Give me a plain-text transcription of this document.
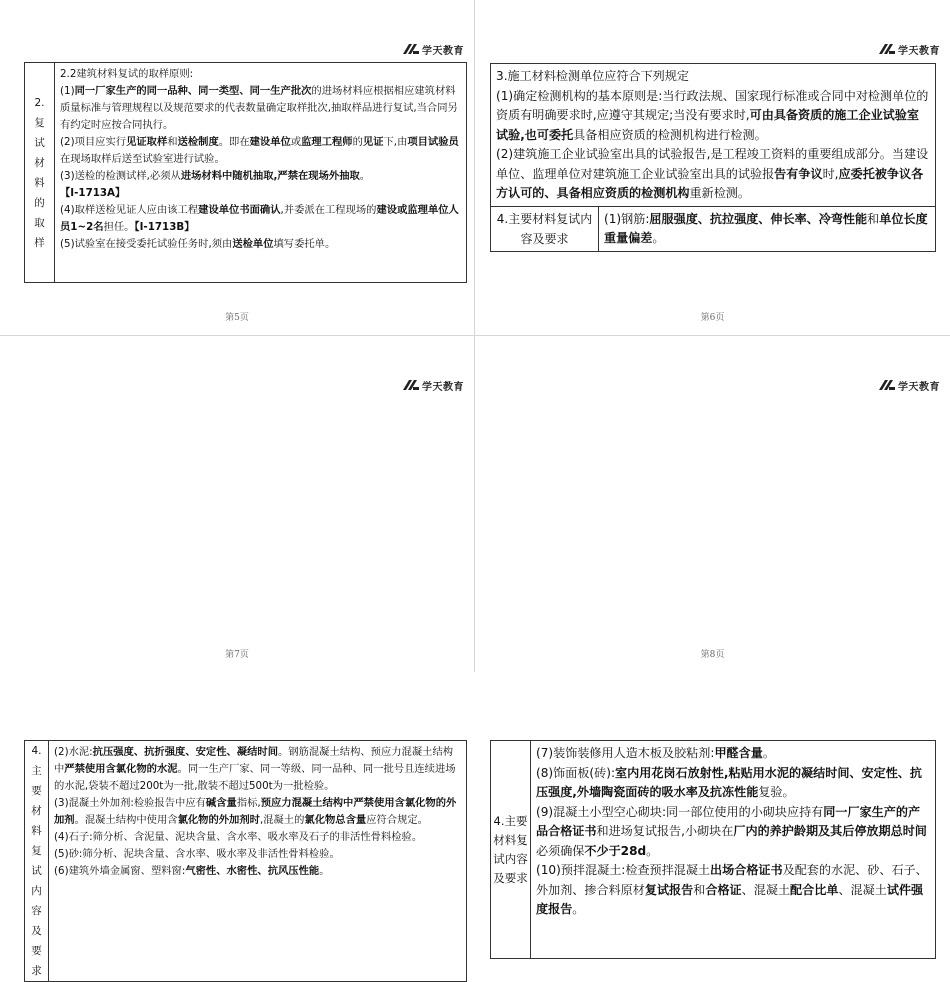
学天教育
2.复试材料的取样

2.2建筑材料复试的取样原则:
(1)同一厂家生产的同一品种、同一类型、同一生产批次的进场材料应根据相应建筑材料质量标准与管理规程以及规范要求的代表数量确定取样批次,抽取样品进行复试,当合同另有约定时应按合同执行。
(2)项目应实行见证取样和送检制度。即在建设单位或监理工程师的见证下,由项目试验员在现场取样后送至试验室进行试验。
(3)送检的检测试样,必须从进场材料中随机抽取,严禁在现场外抽取。
【Ⅰ-1713A】
(4)取样送检见证人应由该工程建设单位书面确认,并委派在工程现场的建设或监理单位人员1~2名担任。【Ⅰ-1713B】
(5)试验室在接受委托试验任务时,须由送检单位填写委托单。
第5页
学天教育
3.施工材料检测单位应符合下列规定
(1)确定检测机构的基本原则是:当行政法规、国家现行标准或合同中对检测单位的资质有明确要求时,应遵守其规定;当没有要求时,可由具备资质的施工企业试验室试验,也可委托具备相应资质的检测机构进行检测。
(2)建筑施工企业试验室出具的试验报告,是工程竣工资料的重要组成部分。当建设单位、监理单位对建筑施工企业试验室出具的试验报告有争议时,应委托被争议各方认可的、具备相应资质的检测机构重新检测。

4.主要材料复试内容及要求

(1)钢筋:屈服强度、抗拉强度、伸长率、冷弯性能和单位长度重量偏差。
第6页
学天教育
4.主要材料复试内容及要求

(2)水泥:抗压强度、抗折强度、安定性、凝结时间。钢筋混凝土结构、预应力混凝土结构中严禁使用含氯化物的水泥。同一生产厂家、同一等级、同一品种、同一批号且连续进场的水泥,袋装不超过200t为一批,散装不超过500t为一批检验。
(3)混凝土外加剂:检验报告中应有碱含量指标,预应力混凝土结构中严禁使用含氯化物的外加剂。混凝土结构中使用含氯化物的外加剂时,混凝土的氯化物总含量应符合规定。
(4)石子:筛分析、含泥量、泥块含量、含水率、吸水率及石子的非活性骨料检验。
(5)砂:筛分析、泥块含量、含水率、吸水率及非活性骨料检验。
(6)建筑外墙金属窗、塑料窗:气密性、水密性、抗风压性能。
第7页
学天教育
4.主要材料复试内容及要求

(7)装饰装修用人造木板及胶粘剂:甲醛含量。
(8)饰面板(砖):室内用花岗石放射性,粘贴用水泥的凝结时间、安定性、抗压强度,外墙陶瓷面砖的吸水率及抗冻性能复验。
(9)混凝土小型空心砌块:同一部位使用的小砌块应持有同一厂家生产的产品合格证书和进场复试报告,小砌块在厂内的养护龄期及其后停放期总时间必须确保不少于28d。
(10)预拌混凝土:检查预拌混凝土出场合格证书及配套的水泥、砂、石子、外加剂、掺合料原材复试报告和合格证、混凝土配合比单、混凝土试件强度报告。
第8页
